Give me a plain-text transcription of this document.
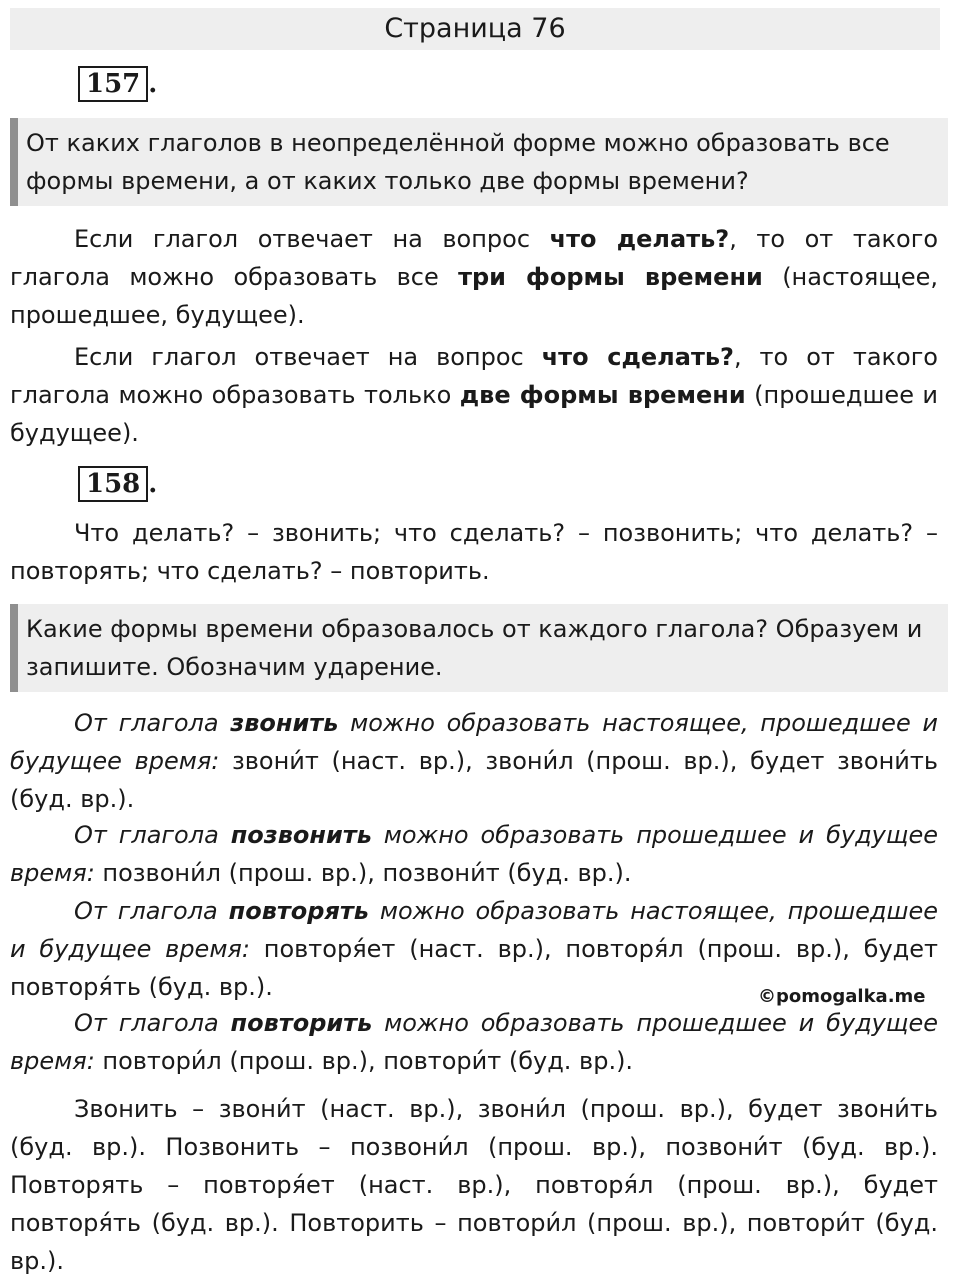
Страница 76
157 .
От каких глаголов в неопределённой форме можно образовать все формы времени, а от каких только две формы времени?
Если глагол отвечает на вопрос что делать?, то от такого глагола можно образовать все три формы времени (настоящее, прошедшее, будущее).
Если глагол отвечает на вопрос что сделать?, то от такого глагола можно образовать только две формы времени (прошедшее и будущее).
158 .
Что делать? – звонить; что сделать? – позвонить; что делать? – повторять; что сделать? – повторить.
Какие формы времени образовалось от каждого глагола? Образуем и запишите. Обозначим ударение.
От глагола звонить можно образовать настоящее, прошедшее и будущее время: звони́т (наст. вр.), звони́л (прош. вр.), будет звони́ть (буд. вр.).
От глагола позвонить можно образовать прошедшее и будущее время: позвони́л (прош. вр.), позвони́т (буд. вр.).
От глагола повторять можно образовать настоящее, прошедшее и будущее время: повторя́ет (наст. вр.), повторя́л (прош. вр.), будет повторя́ть (буд. вр.).
От глагола повторить можно образовать прошедшее и будущее время: повтори́л (прош. вр.), повтори́т (буд. вр.).
©pomogalka.me
Звонить – звони́т (наст. вр.), звони́л (прош. вр.), будет звони́ть (буд. вр.). Позвонить – позвони́л (прош. вр.), позвони́т (буд. вр.). Повторять – повторя́ет (наст. вр.), повторя́л (прош. вр.), будет повторя́ть (буд. вр.). Повторить – повтори́л (прош. вр.), повтори́т (буд. вр.).
